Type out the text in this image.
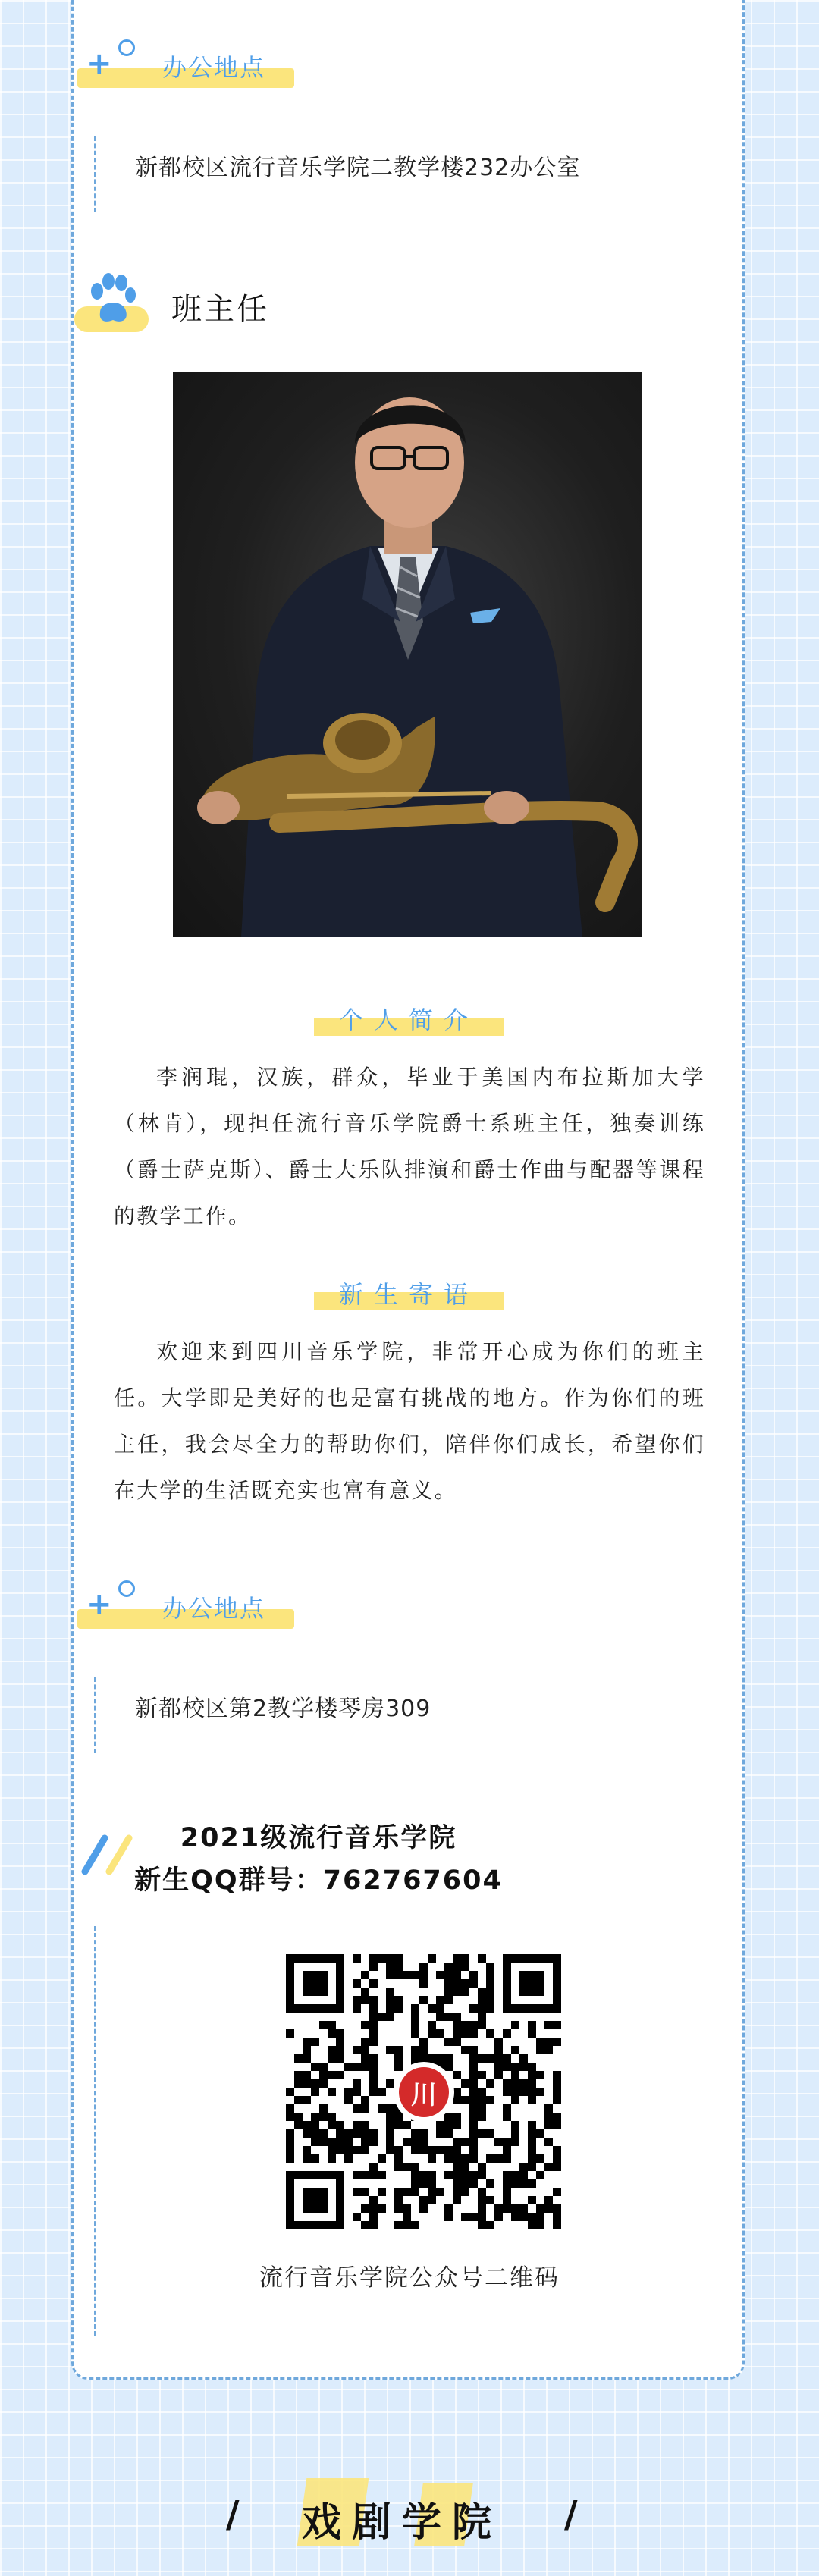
+ 办公地点
新都校区流行音乐学院二教学楼232办公室
班主任
个人简介

李润琨，汉族，群众，毕业于美国内布拉斯加大学（林肯），现担任流行音乐学院爵士系班主任，独奏训练（爵士萨克斯）、爵士大乐队排演和爵士作曲与配器等课程的教学工作。

新生寄语

欢迎来到四川音乐学院，非常开心成为你们的班主任。大学即是美好的也是富有挑战的地方。作为你们的班主任，我会尽全力的帮助你们，陪伴你们成长，希望你们在大学的生活既充实也富有意义。

+ 办公地点
新都校区第2教学楼琴房309
2021级流行音乐学院
新生QQ群号：762767604
川
流行音乐学院公众号二维码
/ 戏剧学院 /
